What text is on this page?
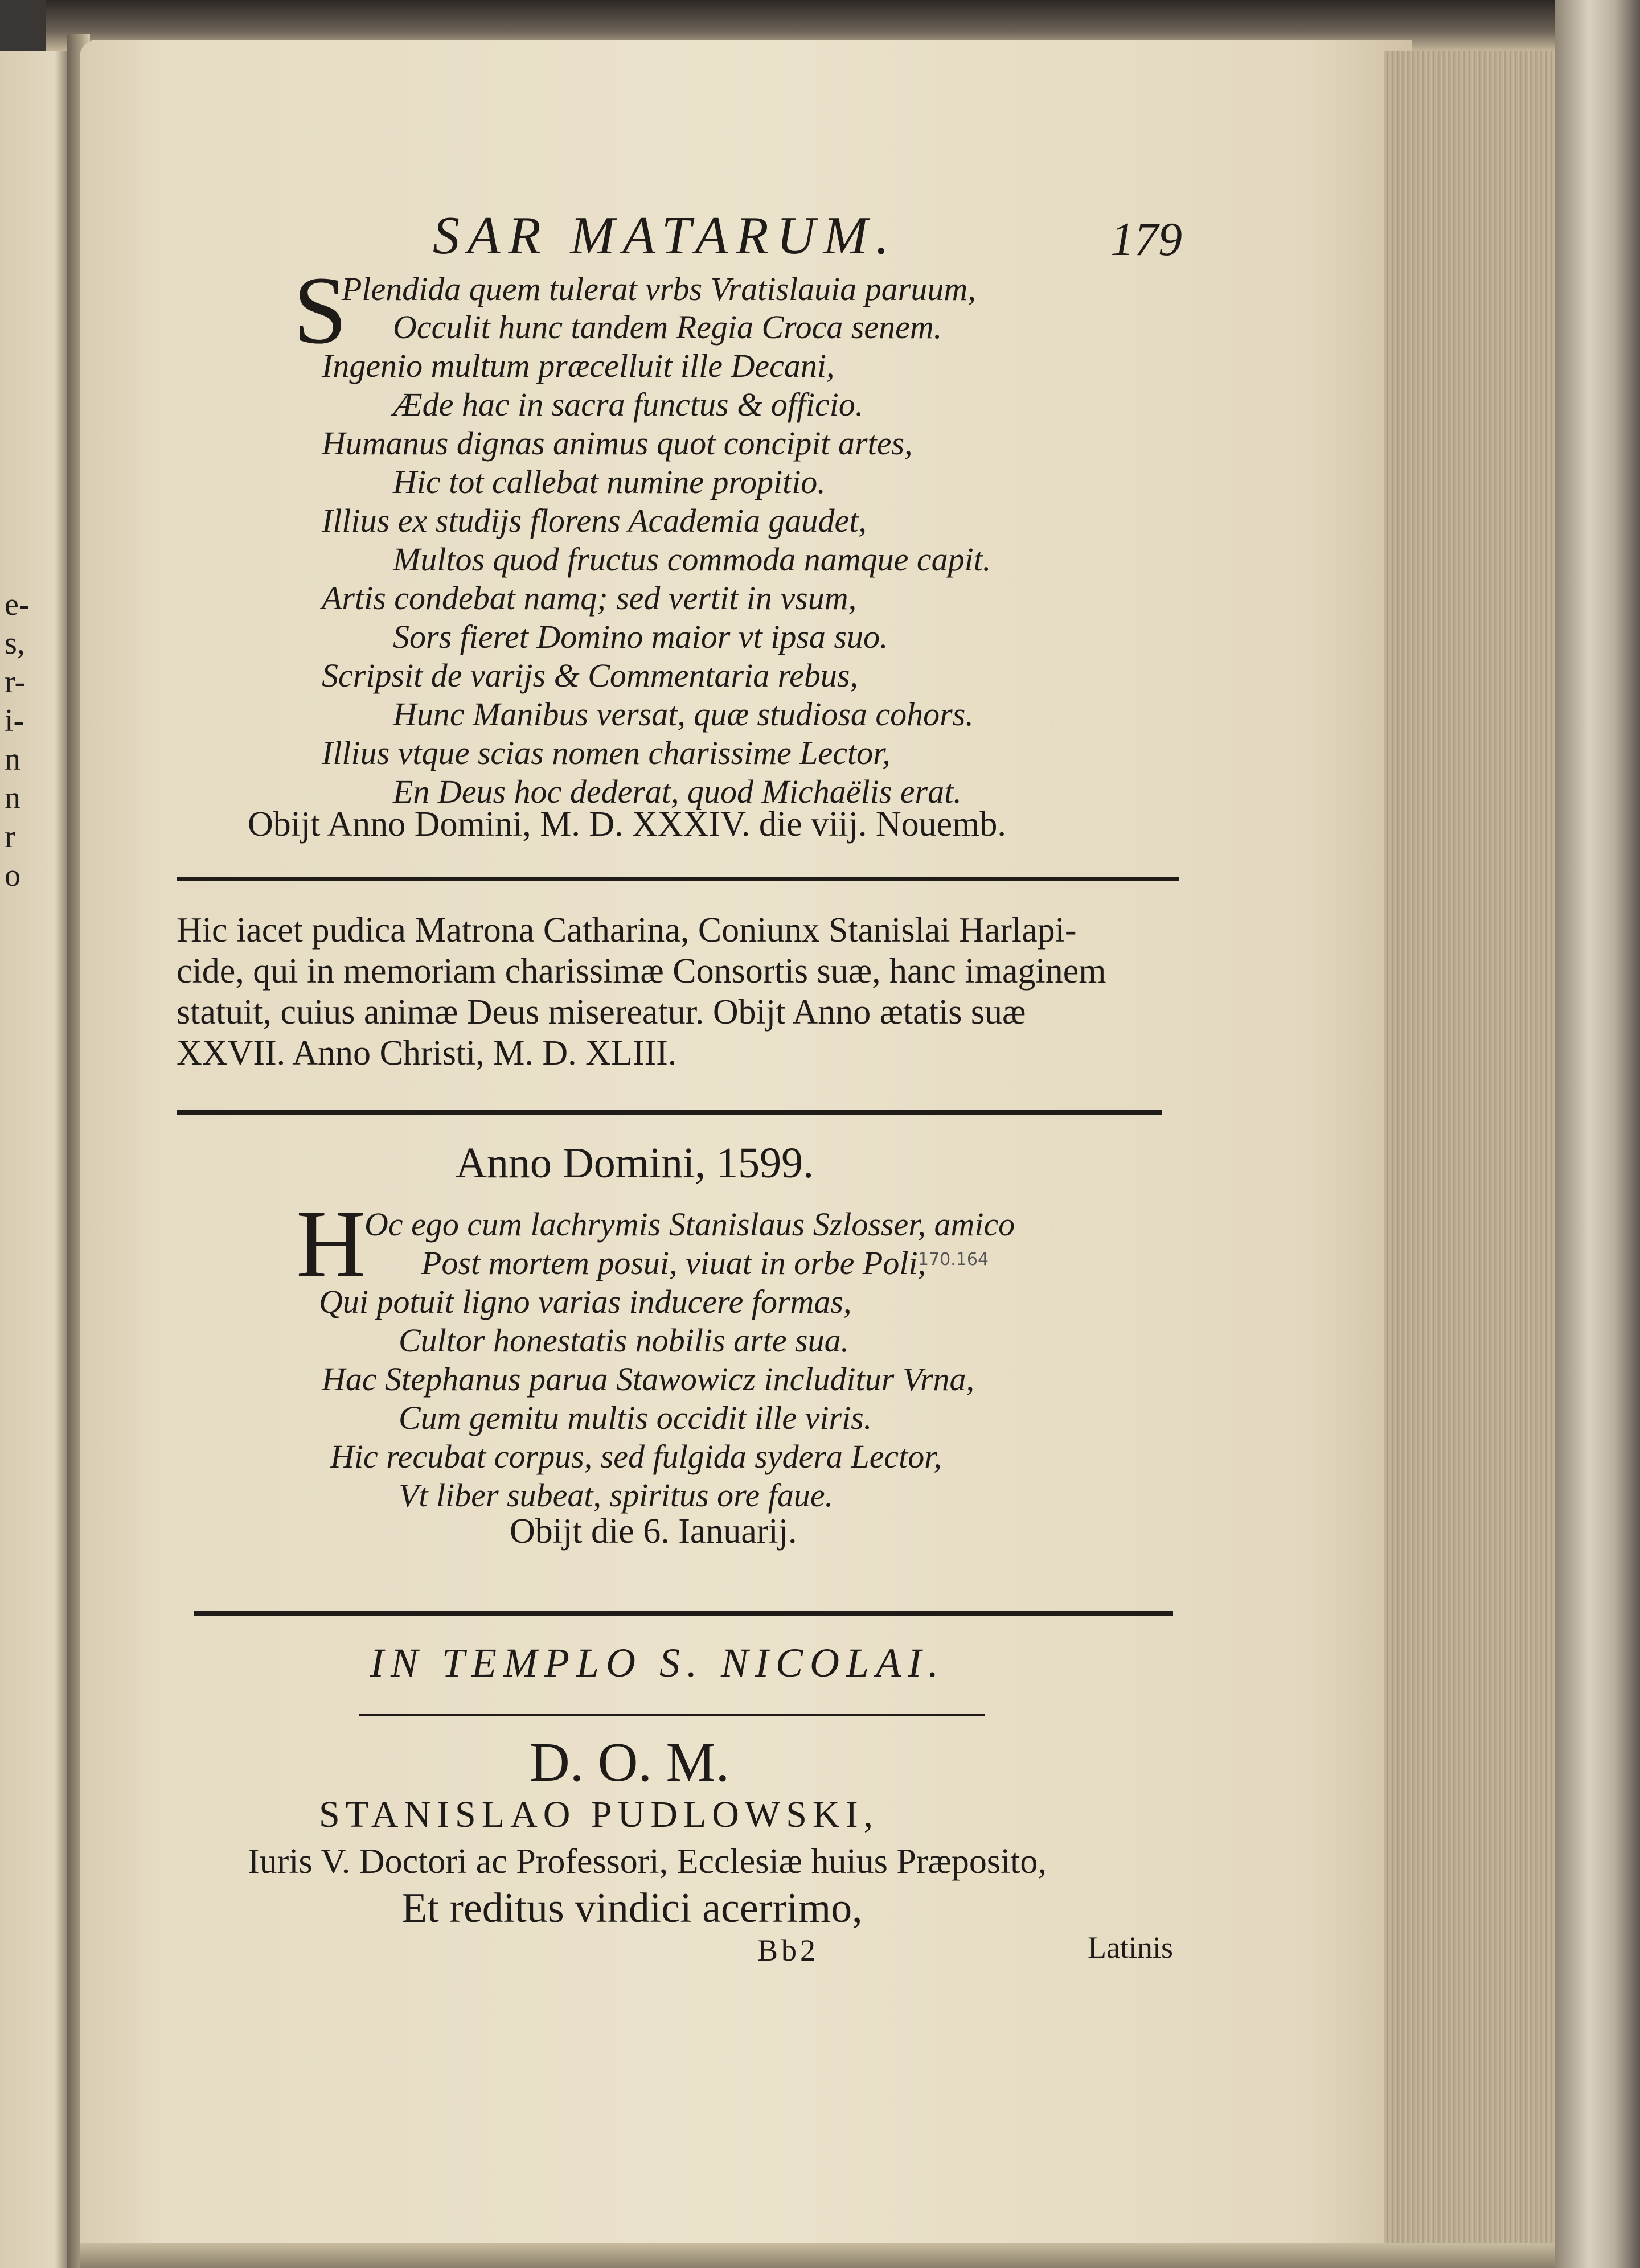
e-
s,
r-
i-
n
n
r
o
SAR MATARUM.	179
S
Plendida quem tulerat vrbs Vratislauia paruum,
Occulit hunc tandem Regia Croca senem.
Ingenio multum præcelluit ille Decani,
Æde hac in sacra functus & officio.
Humanus dignas animus quot concipit artes,
Hic tot callebat numine propitio.
Illius ex studijs florens Academia gaudet,
Multos quod fructus commoda namque capit.
Artis condebat namq; sed vertit in vsum,
Sors fieret Domino maior vt ipsa suo.
Scripsit de varijs & Commentaria rebus,
Hunc Manibus versat, quæ studiosa cohors.
Illius vtque scias nomen charissime Lector,
En Deus hoc dederat, quod Michaëlis erat.
Obijt Anno Domini, M. D. XXXIV. die viij. Nouemb.
Hic iacet pudica Matrona Catharina, Coniunx Stanislai Harlapi-
cide, qui in memoriam charissimæ Consortis suæ, hanc imaginem
statuit, cuius animæ Deus misereatur. Obijt Anno ætatis suæ
XXVII. Anno Christi, M. D. XLIII.
Anno Domini, 1599.
H
Oc ego cum lachrymis Stanislaus Szlosser, amico
Post mortem posui, viuat in orbe Poli,
170.164
Qui potuit ligno varias inducere formas,
Cultor honestatis nobilis arte sua.
Hac Stephanus parua Stawowicz includitur Vrna,
Cum gemitu multis occidit ille viris.
Hic recubat corpus, sed fulgida sydera Lector,
Vt liber subeat, spiritus ore faue.
Obijt die 6. Ianuarij.
IN TEMPLO S. NICOLAI.
D. O. M.
STANISLAO PUDLOWSKI,
Iuris V. Doctori ac Professori, Ecclesiæ huius Præposito,
Et reditus vindici acerrimo,
Bb2	Latinis
